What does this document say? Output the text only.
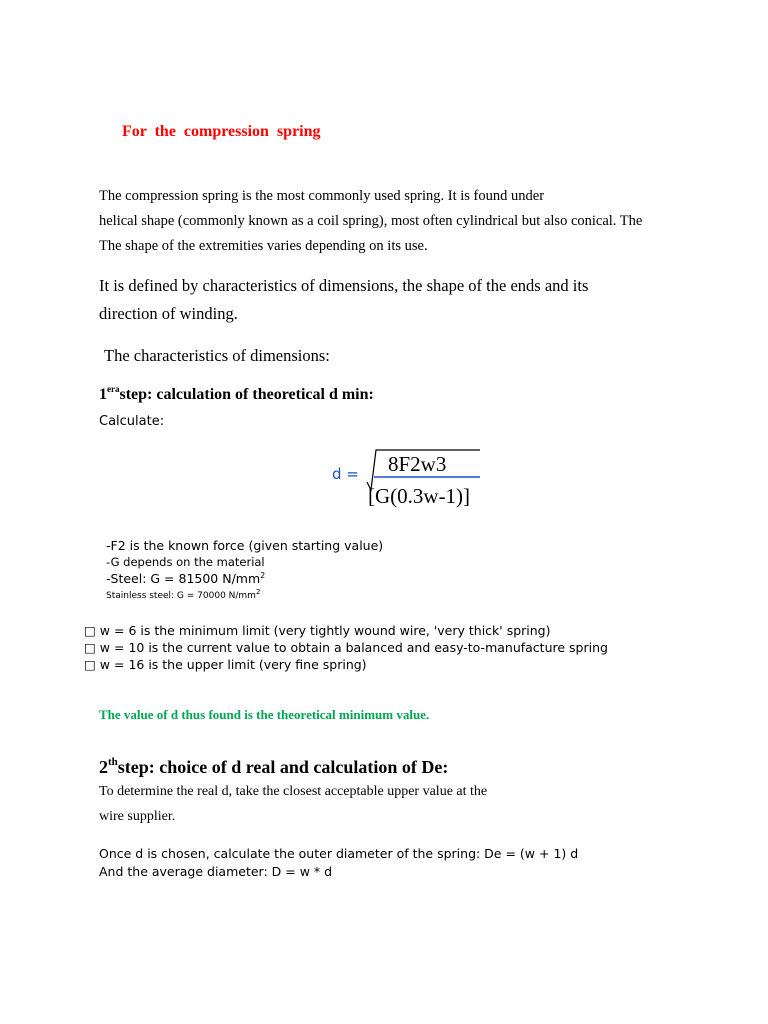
For the compression spring
The compression spring is the most commonly used spring. It is found under
helical shape (commonly known as a coil spring), most often cylindrical but also conical. The
The shape of the extremities varies depending on its use.
It is defined by characteristics of dimensions, the shape of the ends and its
direction of winding.
The characteristics of dimensions:
$1^{era}step$: calculation of theoretical d min:
Calculate:
d = 8F2w3
[G(0.3w-1)]
-F2 is the known force (given starting value)
-G depends on the material
-Steel: G = 81500 $N/mm^2$
Stainless steel: G = 70000 $N/mm^2$
□ w = 6 is the minimum limit (very tightly wound wire, 'very thick' spring)
□ w = 10 is the current value to obtain a balanced and easy-to-manufacture spring
□ w = 16 is the upper limit (very fine spring)
The value of d thus found is the theoretical minimum value.
2thstep: choice of d real and calculation of De:
To determine the real d, take the closest acceptable upper value at the
wire supplier.
Once d is chosen, calculate the outer diameter of the spring: De = (w + 1) d
And the average diameter: D = w * d
